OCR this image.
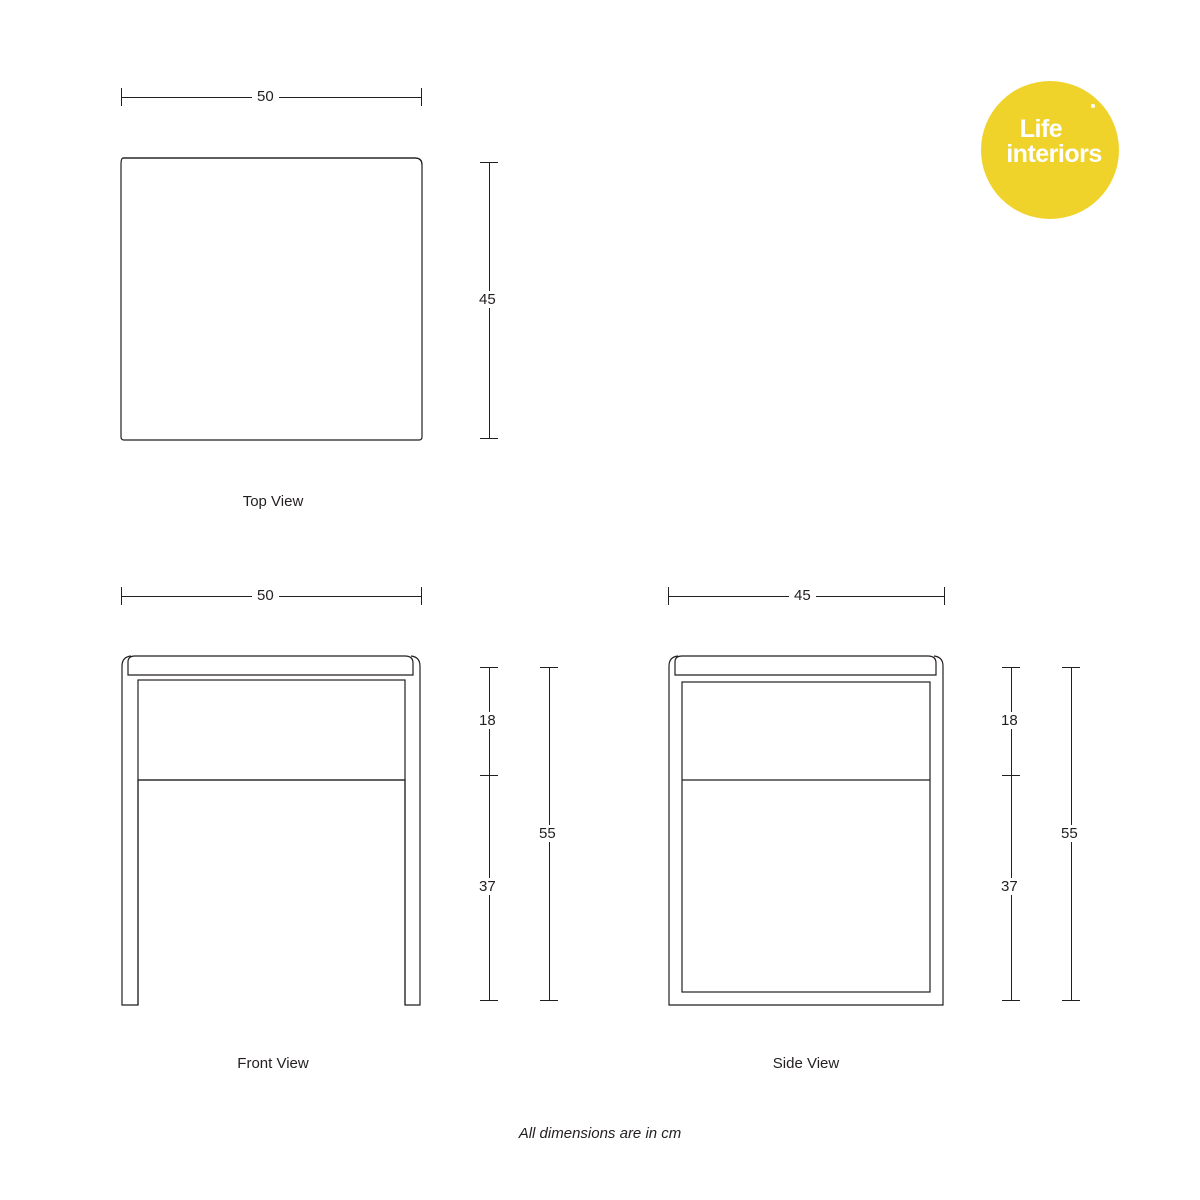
Life
interiors
50
45
Top View
50
18
37
55
Front View
45
18
37
55
Side View
All dimensions are in cm
